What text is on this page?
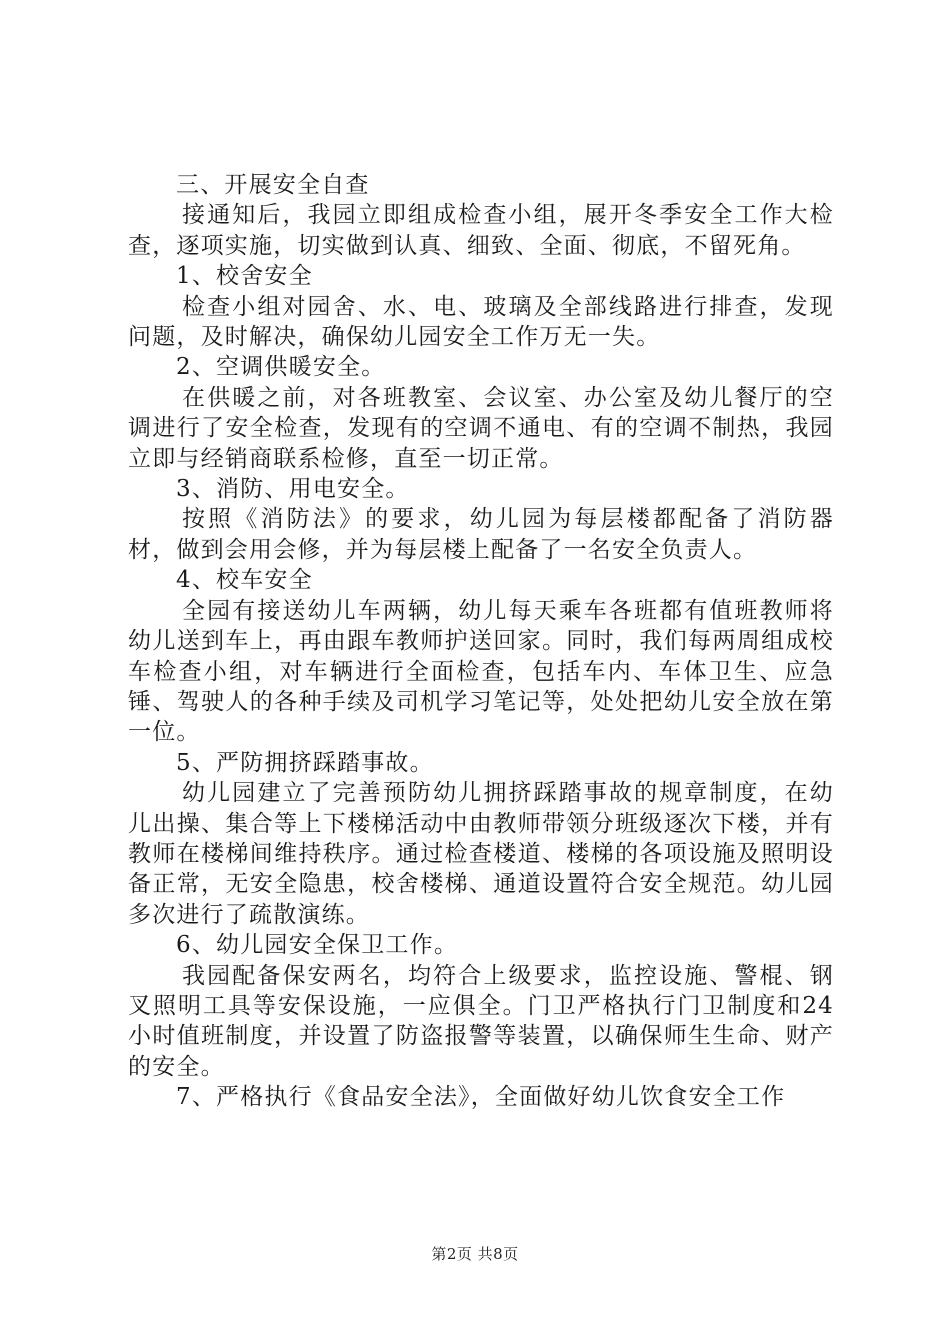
三、开展安全自查

接通知后，我园立即组成检查小组，展开冬季安全工作大检查，逐项实施，切实做到认真、细致、全面、彻底，不留死角。

1、校舍安全

检查小组对园舍、水、电、玻璃及全部线路进行排查，发现问题，及时解决，确保幼儿园安全工作万无一失。

2、空调供暖安全。

在供暖之前，对各班教室、会议室、办公室及幼儿餐厅的空调进行了安全检查，发现有的空调不通电、有的空调不制热，我园立即与经销商联系检修，直至一切正常。

3、消防、用电安全。

按照《消防法》的要求，幼儿园为每层楼都配备了消防器材，做到会用会修，并为每层楼上配备了一名安全负责人。

4、校车安全

全园有接送幼儿车两辆，幼儿每天乘车各班都有值班教师将幼儿送到车上，再由跟车教师护送回家。同时，我们每两周组成校车检查小组，对车辆进行全面检查，包括车内、车体卫生、应急锤、驾驶人的各种手续及司机学习笔记等，处处把幼儿安全放在第一位。

5、严防拥挤踩踏事故。

幼儿园建立了完善预防幼儿拥挤踩踏事故的规章制度，在幼儿出操、集合等上下楼梯活动中由教师带领分班级逐次下楼，并有教师在楼梯间维持秩序。通过检查楼道、楼梯的各项设施及照明设备正常，无安全隐患，校舍楼梯、通道设置符合安全规范。幼儿园多次进行了疏散演练。

6、幼儿园安全保卫工作。

我园配备保安两名，均符合上级要求，监控设施、警棍、钢叉照明工具等安保设施，一应俱全。门卫严格执行门卫制度和24小时值班制度，并设置了防盗报警等装置，以确保师生生命、财产的安全。

7、严格执行《食品安全法》，全面做好幼儿饮食安全工作

第2页 共8页
